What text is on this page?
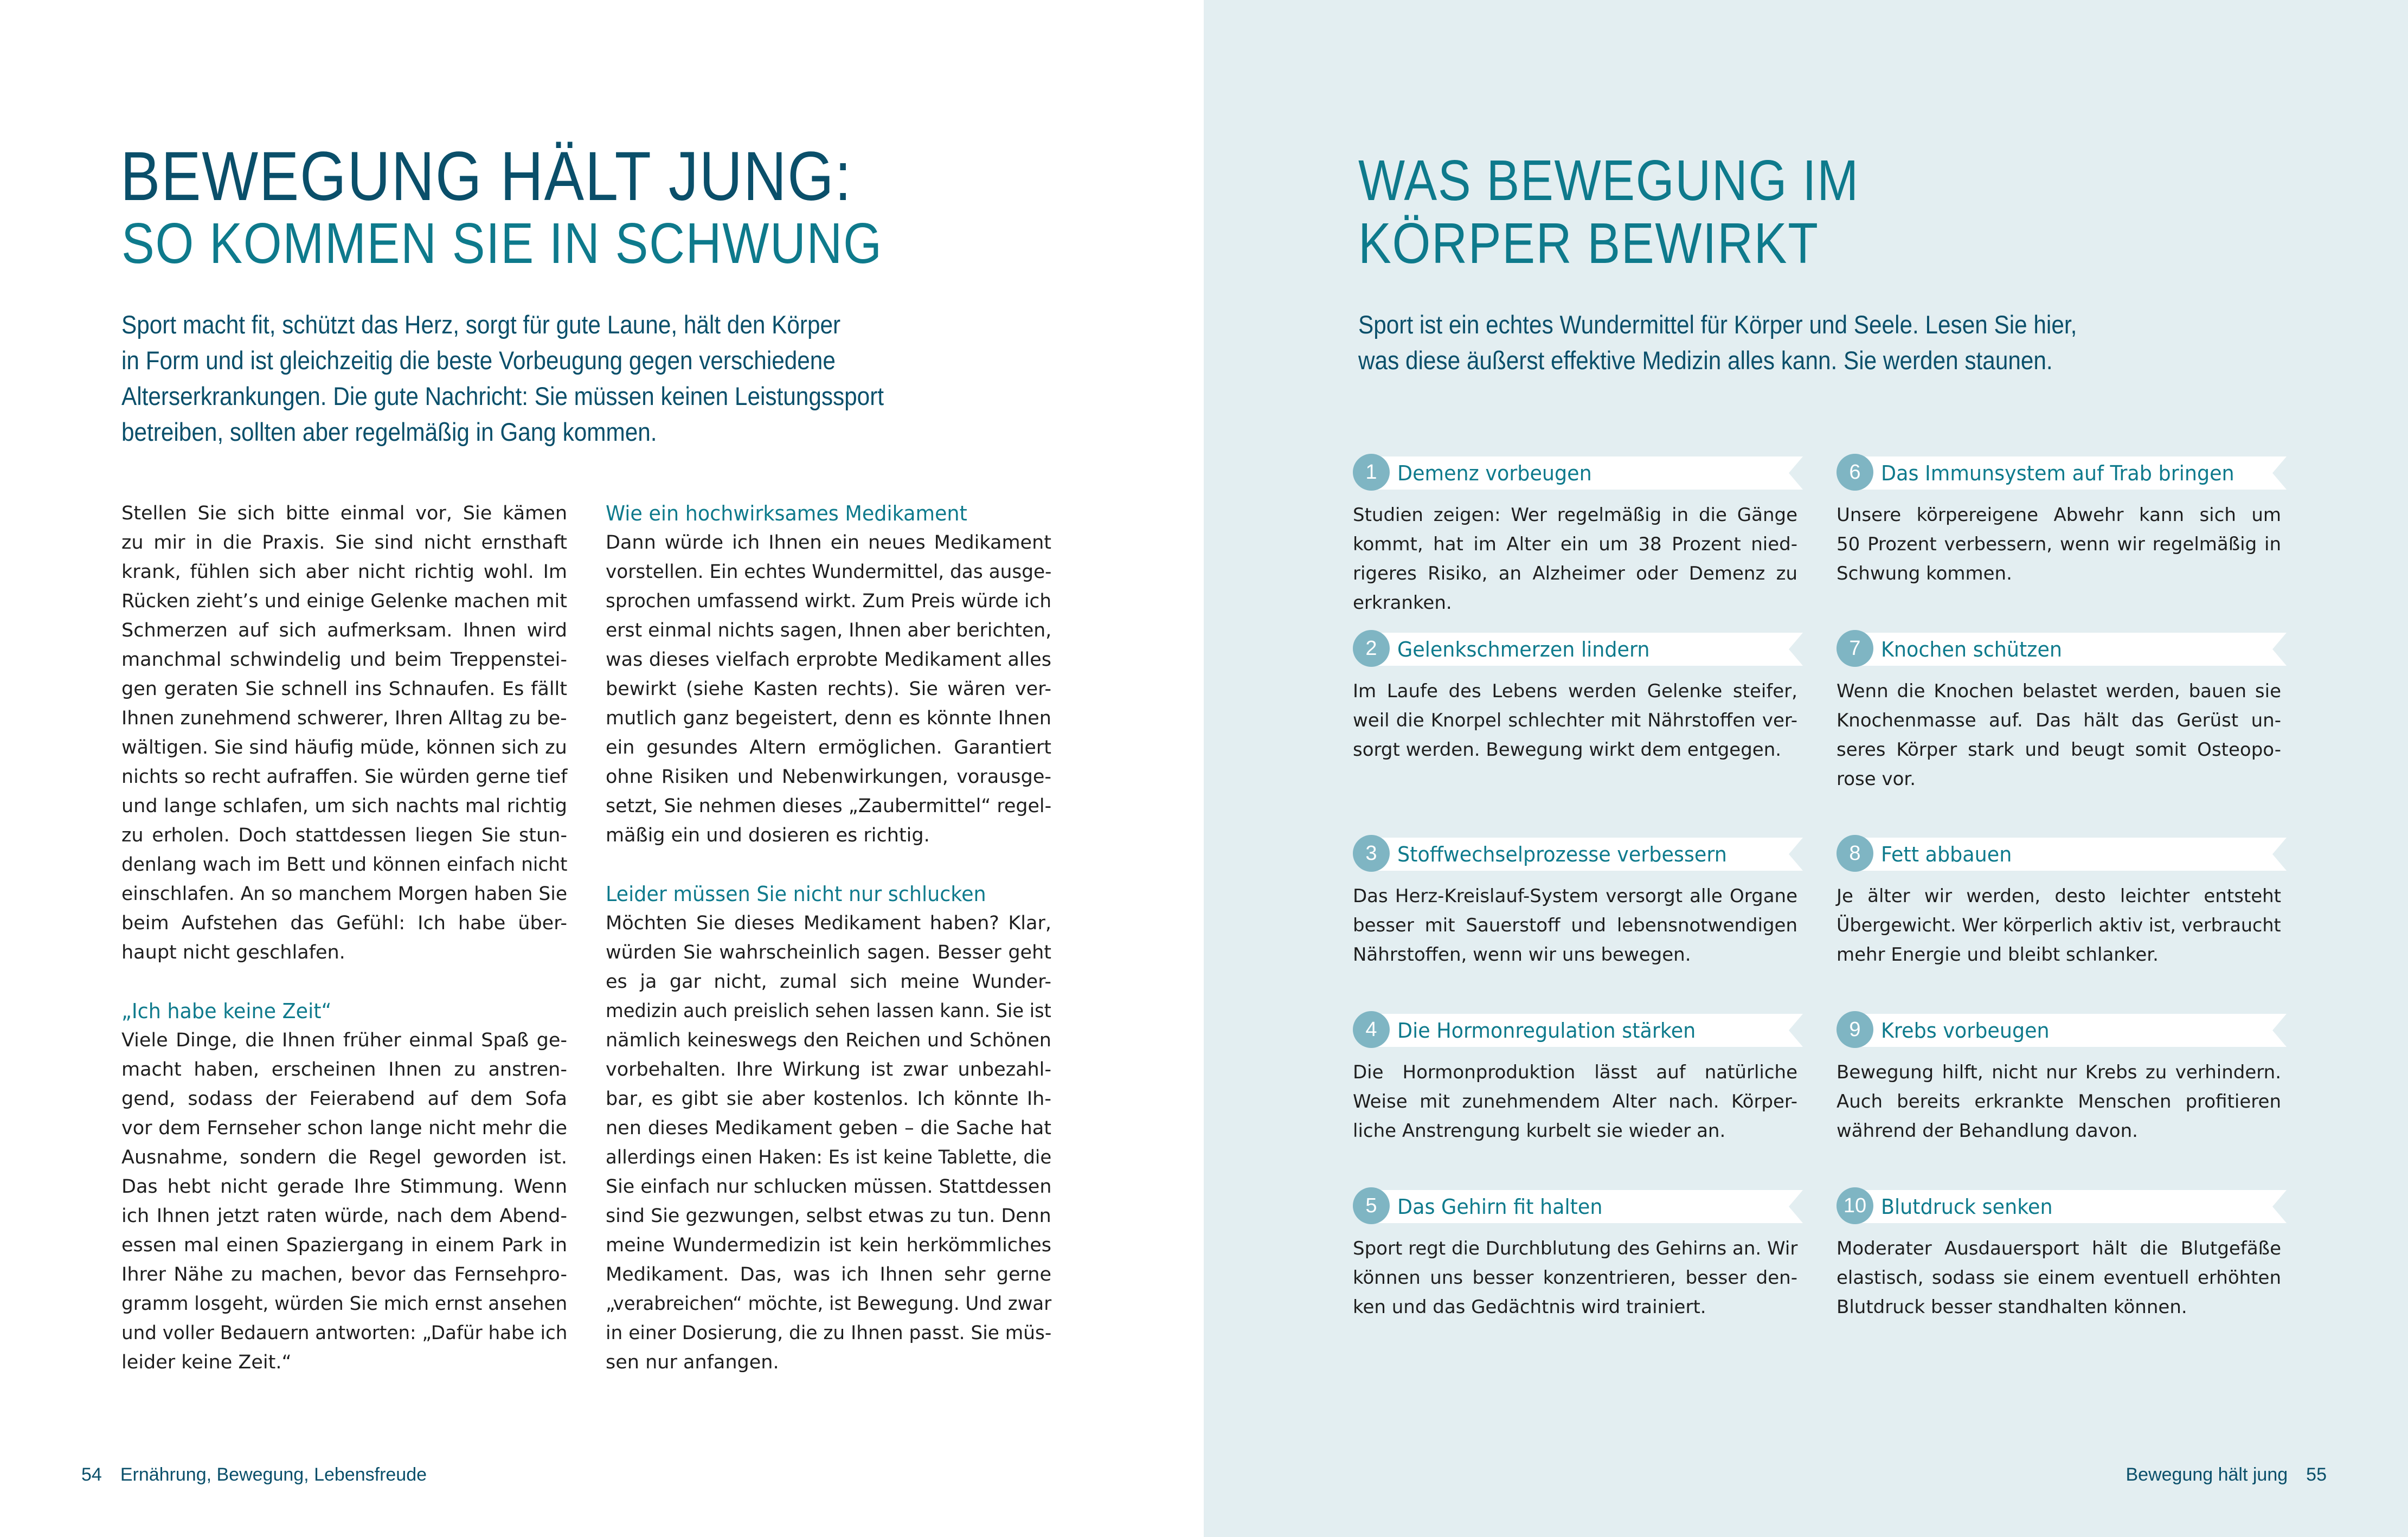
BEWEGUNG HÄLT JUNG:
SO KOMMEN SIE IN SCHWUNG
Sport macht fit, schützt das Herz, sorgt für gute Laune, hält den Körper
in Form und ist gleichzeitig die beste Vorbeugung gegen verschiedene
Alterserkrankungen. Die gute Nachricht: Sie müssen keinen Leistungssport
betreiben, sollten aber regelmäßig in Gang kommen.
Stellen Sie sich bitte einmal vor, Sie kämen
zu mir in die Praxis. Sie sind nicht ernsthaft
krank, fühlen sich aber nicht richtig wohl. Im
Rücken zieht’s und einige Gelenke machen mit
Schmerzen auf sich aufmerksam. Ihnen wird
manchmal schwindelig und beim Treppenstei-
gen geraten Sie schnell ins Schnaufen. Es fällt
Ihnen zunehmend schwerer, Ihren Alltag zu be-
wältigen. Sie sind häufig müde, können sich zu
nichts so recht aufraffen. Sie würden gerne tief
und lange schlafen, um sich nachts mal richtig
zu erholen. Doch stattdessen liegen Sie stun-
denlang wach im Bett und können einfach nicht
einschlafen. An so manchem Morgen haben Sie
beim Aufstehen das Gefühl: Ich habe über-
haupt nicht geschlafen.
„Ich habe keine Zeit“
Viele Dinge, die Ihnen früher einmal Spaß ge-
macht haben, erscheinen Ihnen zu anstren-
gend, sodass der Feierabend auf dem Sofa
vor dem Fernseher schon lange nicht mehr die
Ausnahme, sondern die Regel geworden ist.
Das hebt nicht gerade Ihre Stimmung. Wenn
ich Ihnen jetzt raten würde, nach dem Abend-
essen mal einen Spaziergang in einem Park in
Ihrer Nähe zu machen, bevor das Fernsehpro-
gramm losgeht, würden Sie mich ernst ansehen
und voller Bedauern antworten: „Dafür habe ich
leider keine Zeit.“
Wie ein hochwirksames Medikament
Dann würde ich Ihnen ein neues Medikament
vorstellen. Ein echtes Wundermittel, das ausge-
sprochen umfassend wirkt. Zum Preis würde ich
erst einmal nichts sagen, Ihnen aber berichten,
was dieses vielfach erprobte Medikament alles
bewirkt (siehe Kasten rechts). Sie wären ver-
mutlich ganz begeistert, denn es könnte Ihnen
ein gesundes Altern ermöglichen. Garantiert
ohne Risiken und Nebenwirkungen, vorausge-
setzt, Sie nehmen dieses „Zaubermittel“ regel-
mäßig ein und dosieren es richtig.
Leider müssen Sie nicht nur schlucken
Möchten Sie dieses Medikament haben? Klar,
würden Sie wahrscheinlich sagen. Besser geht
es ja gar nicht, zumal sich meine Wunder-
medizin auch preislich sehen lassen kann. Sie ist
nämlich keineswegs den Reichen und Schönen
vorbehalten. Ihre Wirkung ist zwar unbezahl-
bar, es gibt sie aber kostenlos. Ich könnte Ih-
nen dieses Medikament geben – die Sache hat
allerdings einen Haken: Es ist keine Tablette, die
Sie einfach nur schlucken müssen. Stattdessen
sind Sie gezwungen, selbst etwas zu tun. Denn
meine Wundermedizin ist kein herkömmliches
Medikament. Das, was ich Ihnen sehr gerne
„verabreichen“ möchte, ist Bewegung. Und zwar
in einer Dosierung, die zu Ihnen passt. Sie müs-
sen nur anfangen.
54 Ernährung, Bewegung, Lebensfreude
WAS BEWEGUNG IM
KÖRPER BEWIRKT
Sport ist ein echtes Wundermittel für Körper und Seele. Lesen Sie hier,
was diese äußerst effektive Medizin alles kann. Sie werden staunen.
1 Demenz vorbeugen
Studien zeigen: Wer regelmäßig in die Gänge
kommt, hat im Alter ein um 38 Prozent nied-
rigeres Risiko, an Alzheimer oder Demenz zu
erkranken.
2 Gelenkschmerzen lindern
Im Laufe des Lebens werden Gelenke steifer,
weil die Knorpel schlechter mit Nährstoffen ver-
sorgt werden. Bewegung wirkt dem entgegen.
3 Stoffwechselprozesse verbessern
Das Herz-Kreislauf-System versorgt alle Organe
besser mit Sauerstoff und lebensnotwendigen
Nährstoffen, wenn wir uns bewegen.
4 Die Hormonregulation stärken
Die Hormonproduktion lässt auf natürliche
Weise mit zunehmendem Alter nach. Körper-
liche Anstrengung kurbelt sie wieder an.
5 Das Gehirn fit halten
Sport regt die Durchblutung des Gehirns an. Wir
können uns besser konzentrieren, besser den-
ken und das Gedächtnis wird trainiert.
6 Das Immunsystem auf Trab bringen
Unsere körpereigene Abwehr kann sich um
50 Prozent verbessern, wenn wir regelmäßig in
Schwung kommen.
7 Knochen schützen
Wenn die Knochen belastet werden, bauen sie
Knochenmasse auf. Das hält das Gerüst un-
seres Körper stark und beugt somit Osteopo-
rose vor.
8 Fett abbauen
Je älter wir werden, desto leichter entsteht
Übergewicht. Wer körperlich aktiv ist, verbraucht
mehr Energie und bleibt schlanker.
9 Krebs vorbeugen
Bewegung hilft, nicht nur Krebs zu verhindern.
Auch bereits erkrankte Menschen profitieren
während der Behandlung davon.
10 Blutdruck senken
Moderater Ausdauersport hält die Blutgefäße
elastisch, sodass sie einem eventuell erhöhten
Blutdruck besser standhalten können.
Bewegung hält jung 55
